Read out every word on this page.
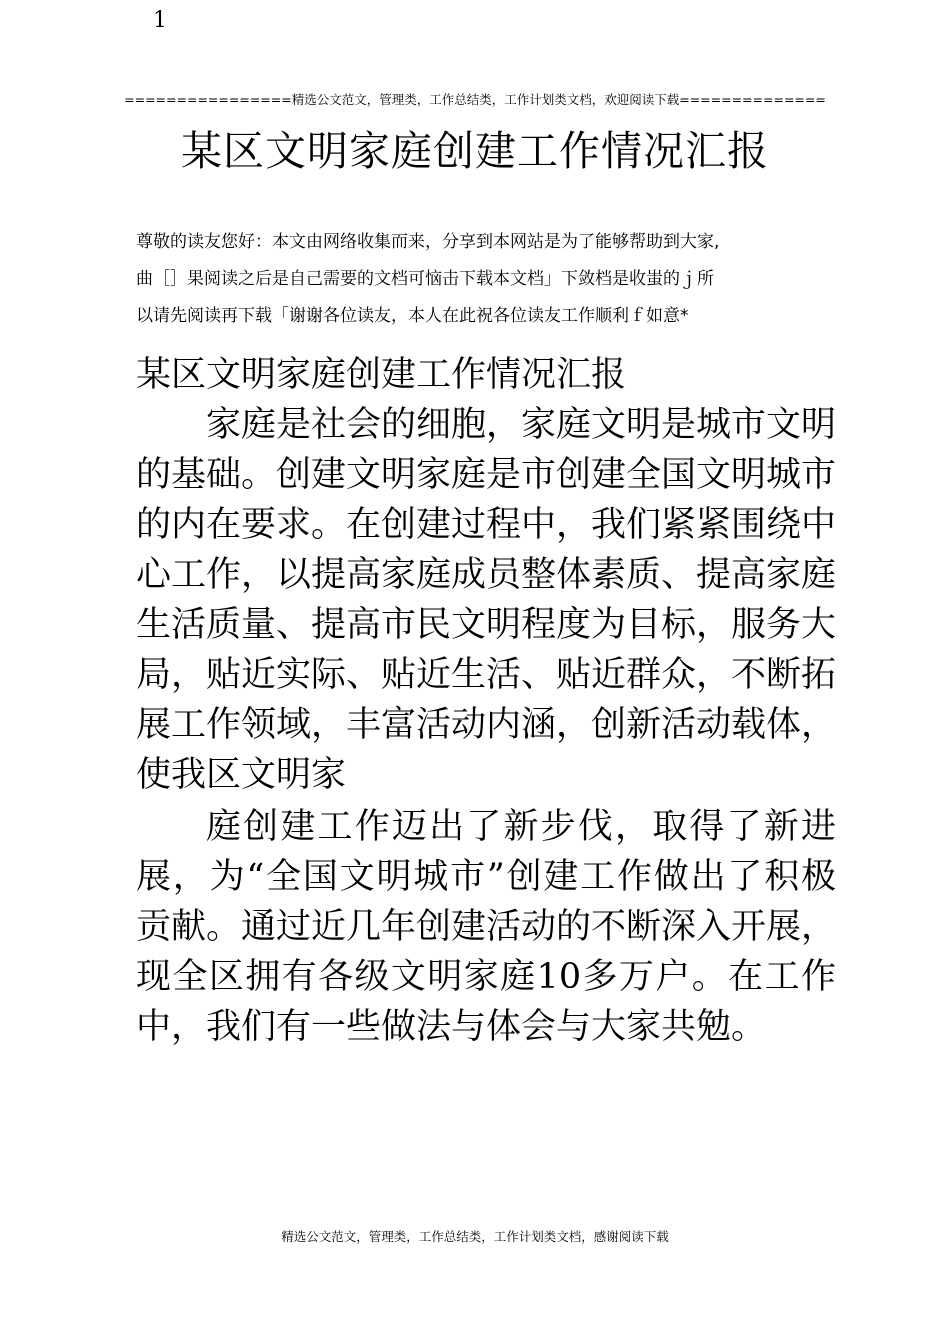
1
================精选公文范文，管理类，工作总结类，工作计划类文档，欢迎阅读下载==============
某区文明家庭创建工作情况汇报
尊敬的读友您好：本文由网络收集而来，分享到本网站是为了能够帮助到大家,
曲［］果阅读之后是自己需要的文档可恼击下载本文档」下敛档是收蚩的ｊ所
以请先阅读再下载「谢谢各位读友，本人在此祝各位读友工作顺利ｆ如意*
某区文明家庭创建工作情况汇报

家庭是社会的细胞，家庭文明是城市文明的基础。创建文明家庭是市创建全国文明城市的内在要求。在创建过程中，我们紧紧围绕中心工作，以提高家庭成员整体素质、提高家庭生活质量、提高市民文明程度为目标，服务大局，贴近实际、贴近生活、贴近群众，不断拓展工作领域，丰富活动内涵，创新活动载体，使我区文明家

庭创建工作迈出了新步伐，取得了新进展，为“全国文明城市”创建工作做出了积极贡献。通过近几年创建活动的不断深入开展，现全区拥有各级文明家庭10多万户。在工作中，我们有一些做法与体会与大家共勉。

精选公文范文，管理类，工作总结类，工作计划类文档，感谢阅读下载
